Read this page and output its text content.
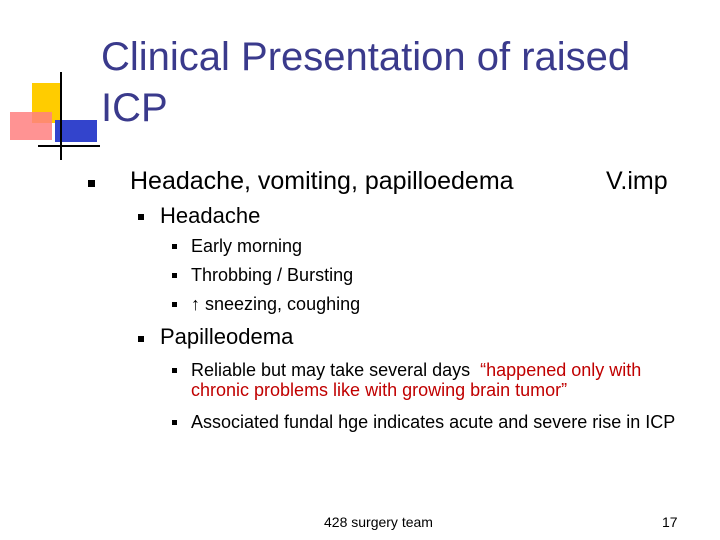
Clinical Presentation of raised ICP
Headache, vomiting, papilloedema	V.imp
Headache
Early morning
Throbbing / Bursting
↑ sneezing, coughing
Papilleodema
Reliable but may take several days  “happened only with chronic problems like with growing brain tumor”
Associated fundal hge indicates acute and severe rise in ICP
428 surgery team	17
